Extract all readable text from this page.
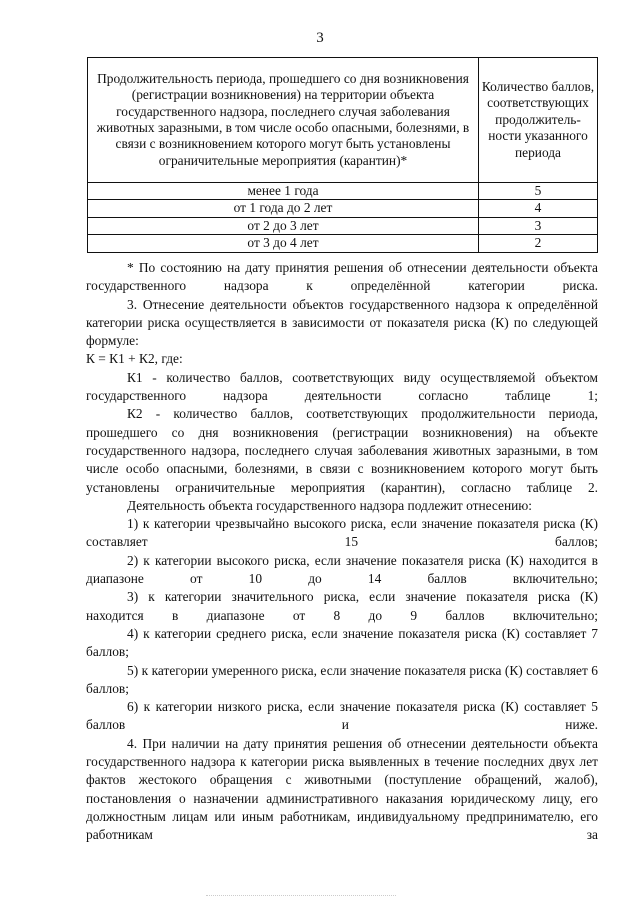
3
Продолжительность периода, прошедшего со дня возникновения (регистрации возникновения) на территории объекта государственного надзора, последнего случая заболевания животных заразными, в том числе особо опасными, болезнями, в связи с возникновением которого могут быть установлены ограничительные мероприятия (карантин)*	Количество баллов, соответствующих продолжитель-ности указанного периода
менее 1 года	5
от 1 года до 2 лет	4
от 2 до 3 лет	3
от 3 до 4 лет	2

* По состоянию на дату принятия решения об отнесении деятельности объекта государственного надзора к определённой категории риска.

3. Отнесение деятельности объектов государственного надзора к определённой категории риска осуществляется в зависимости от показателя риска (К) по следующей формуле:

К = К1 + К2, где:

К1 - количество баллов, соответствующих виду осуществляемой объектом государственного надзора деятельности согласно таблице 1;

К2 - количество баллов, соответствующих продолжительности периода, прошедшего со дня возникновения (регистрации возникновения) на объекте государственного надзора, последнего случая заболевания животных заразными, в том числе особо опасными, болезнями, в связи с возникновением которого могут быть установлены ограничительные мероприятия (карантин), согласно таблице 2.

Деятельность объекта государственного надзора подлежит отнесению:

1) к категории чрезвычайно высокого риска, если значение показателя риска (К) составляет 15 баллов;

2) к категории высокого риска, если значение показателя риска (К) находится в диапазоне от 10 до 14 баллов включительно;

3) к категории значительного риска, если значение показателя риска (К) находится в диапазоне от 8 до 9 баллов включительно;

4) к категории среднего риска, если значение показателя риска (К) составляет 7 баллов;

5) к категории умеренного риска, если значение показателя риска (К) составляет 6 баллов;

6) к категории низкого риска, если значение показателя риска (К) составляет 5 баллов и ниже.

4. При наличии на дату принятия решения об отнесении деятельности объекта государственного надзора к категории риска выявленных в течение последних двух лет фактов жестокого обращения с животными (поступление обращений, жалоб), постановления о назначении административного наказания юридическому лицу, его должностным лицам или иным работникам, индивидуальному предпринимателю, его работникам за
